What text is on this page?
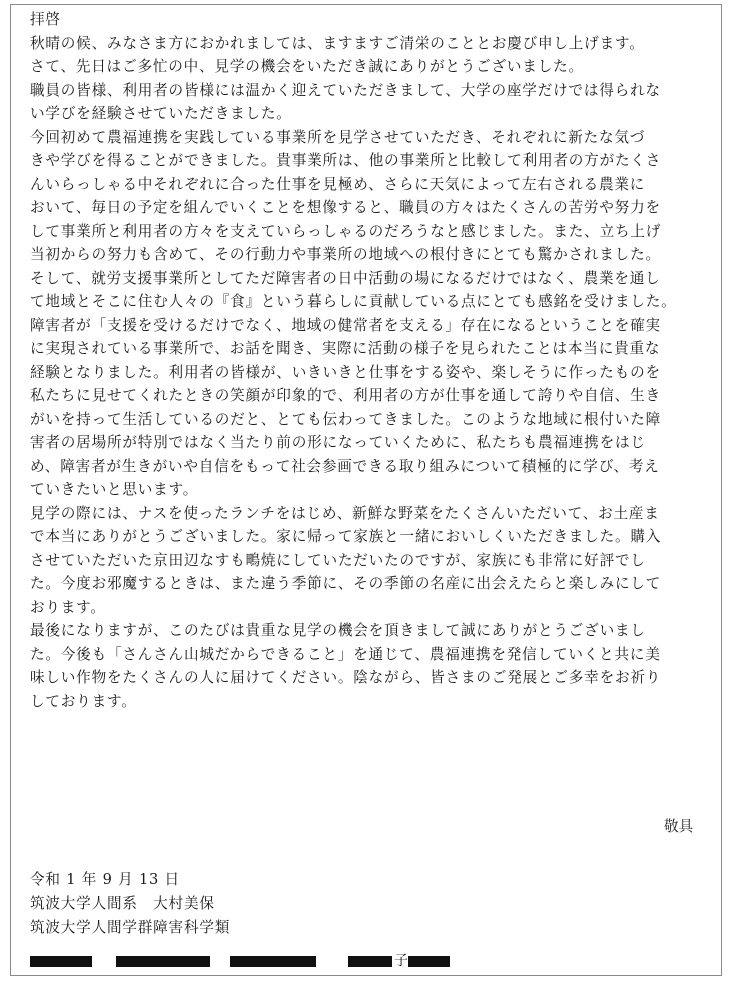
拝啓
秋晴の候、みなさま方におかれましては、ますますご清栄のこととお慶び申し上げます。
さて、先日はご多忙の中、見学の機会をいただき誠にありがとうございました。
職員の皆様、利用者の皆様には温かく迎えていただきまして、大学の座学だけでは得られな
い学びを経験させていただきました。
今回初めて農福連携を実践している事業所を見学させていただき、それぞれに新たな気づ
きや学びを得ることができました。貴事業所は、他の事業所と比較して利用者の方がたくさ
んいらっしゃる中それぞれに合った仕事を見極め、さらに天気によって左右される農業に
おいて、毎日の予定を組んでいくことを想像すると、職員の方々はたくさんの苦労や努力を
して事業所と利用者の方々を支えていらっしゃるのだろうなと感じました。また、立ち上げ
当初からの努力も含めて、その行動力や事業所の地域への根付きにとても驚かされました。
そして、就労支援事業所としてただ障害者の日中活動の場になるだけではなく、農業を通し
て地域とそこに住む人々の『食』という暮らしに貢献している点にとても感銘を受けました。
障害者が「支援を受けるだけでなく、地域の健常者を支える」存在になるということを確実
に実現されている事業所で、お話を聞き、実際に活動の様子を見られたことは本当に貴重な
経験となりました。利用者の皆様が、いきいきと仕事をする姿や、楽しそうに作ったものを
私たちに見せてくれたときの笑顔が印象的で、利用者の方が仕事を通して誇りや自信、生き
がいを持って生活しているのだと、とても伝わってきました。このような地域に根付いた障
害者の居場所が特別ではなく当たり前の形になっていくために、私たちも農福連携をはじ
め、障害者が生きがいや自信をもって社会参画できる取り組みについて積極的に学び、考え
ていきたいと思います。
見学の際には、ナスを使ったランチをはじめ、新鮮な野菜をたくさんいただいて、お土産ま
で本当にありがとうございました。家に帰って家族と一緒においしくいただきました。購入
させていただいた京田辺なすも鴫焼にしていただいたのですが、家族にも非常に好評でし
た。今度お邪魔するときは、また違う季節に、その季節の名産に出会えたらと楽しみにして
おります。
最後になりますが、このたびは貴重な見学の機会を頂きまして誠にありがとうございまし
た。今後も「さんさん山城だからできること」を通じて、農福連携を発信していくと共に美
味しい作物をたくさんの人に届けてください。陰ながら、皆さまのご発展とご多幸をお祈り
しております。
敬具
令和 1 年 9 月 13 日
筑波大学人間系　大村美保
筑波大学人間学群障害科学類
子
